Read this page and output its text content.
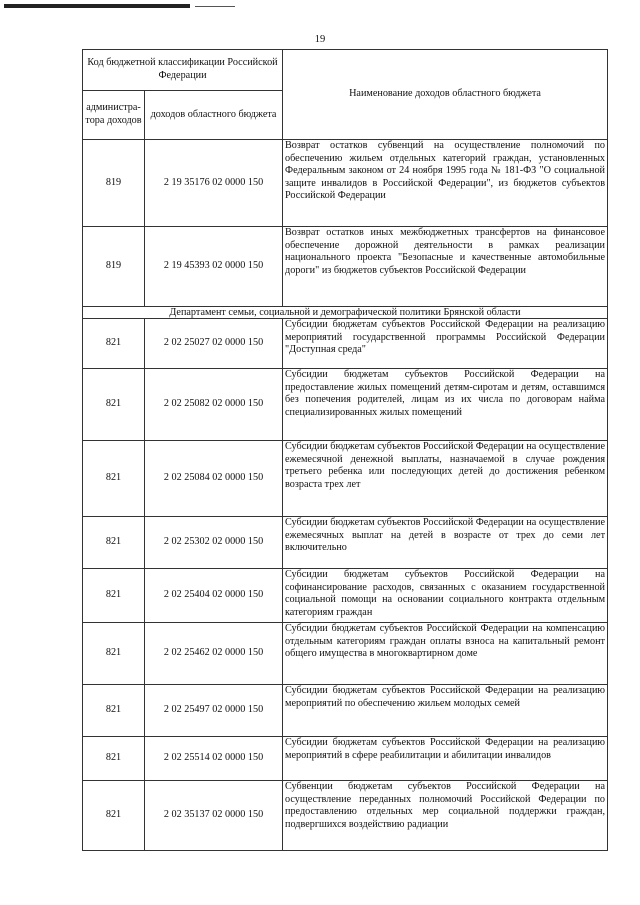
19
Код бюджетной классификации Российской Федерации		Наименование доходов областного бюджета
администра-тора доходов	доходов областного бюджета	
819	2 19 35176 02 0000 150	Возврат остатков субвенций на осуществление полномочий по обеспечению жильем отдельных категорий граждан, установленных Федеральным законом от 24 ноября 1995 года № 181-ФЗ "О социальной защите инвалидов в Российской Федерации", из бюджетов субъектов Российской Федерации
819	2 19 45393 02 0000 150	Возврат остатков иных межбюджетных трансфертов на финансовое обеспечение дорожной деятельности в рамках реализации национального проекта "Безопасные и качественные автомобильные дороги" из бюджетов субъектов Российской Федерации
Департамент семьи, социальной и демографической политики Брянской области		
821	2 02 25027 02 0000 150	Субсидии бюджетам субъектов Российской Федерации на реализацию мероприятий государственной программы Российской Федерации "Доступная среда"
821	2 02 25082 02 0000 150	Субсидии бюджетам субъектов Российской Федерации на предоставление жилых помещений детям-сиротам и детям, оставшимся без попечения родителей, лицам из их числа по договорам найма специализированных жилых помещений
821	2 02 25084 02 0000 150	Субсидии бюджетам субъектов Российской Федерации на осуществление ежемесячной денежной выплаты, назначаемой в случае рождения третьего ребенка или последующих детей до достижения ребенком возраста трех лет
821	2 02 25302 02 0000 150	Субсидии бюджетам субъектов Российской Федерации на осуществление ежемесячных выплат на детей в возрасте от трех до семи лет включительно
821	2 02 25404 02 0000 150	Субсидии бюджетам субъектов Российской Федерации на софинансирование расходов, связанных с оказанием государственной социальной помощи на основании социального контракта отдельным категориям граждан
821	2 02 25462 02 0000 150	Субсидии бюджетам субъектов Российской Федерации на компенсацию отдельным категориям граждан оплаты взноса на капитальный ремонт общего имущества в многоквартирном доме
821	2 02 25497 02 0000 150	Субсидии бюджетам субъектов Российской Федерации на реализацию мероприятий по обеспечению жильем молодых семей
821	2 02 25514 02 0000 150	Субсидии бюджетам субъектов Российской Федерации на реализацию мероприятий в сфере реабилитации и абилитации инвалидов
821	2 02 35137 02 0000 150	Субвенции бюджетам субъектов Российской Федерации на осуществление переданных полномочий Российской Федерации по предоставлению отдельных мер социальной поддержки граждан, подвергшихся воздействию радиации
